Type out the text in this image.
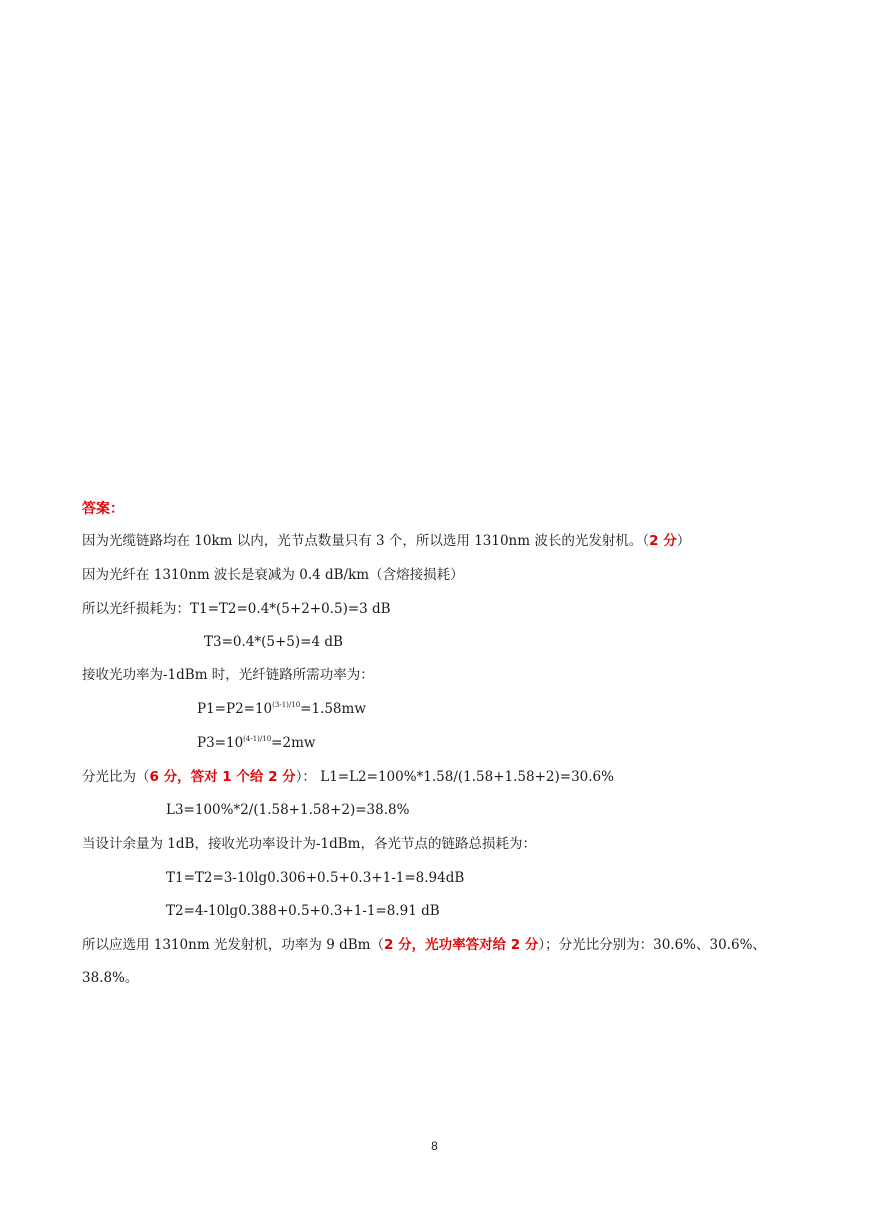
答案：
因为光缆链路均在 10km 以内，光节点数量只有 3 个，所以选用 1310nm 波长的光发射机。（2 分）
因为光纤在 1310nm 波长是衰减为 0.4 dB/km（含熔接损耗）
所以光纤损耗为：T1=T2=0.4*(5+2+0.5)=3 dB
T3=0.4*(5+5)=4 dB
接收光功率为-1dBm 时，光纤链路所需功率为：
$P1=P2=10^{(3-1)/10}=1.58mw$
$P3=10^{(4-1)/10}=2mw$
分光比为（6 分，答对 1 个给 2 分）： L1=L2=100%*1.58/(1.58+1.58+2)=30.6%
L3=100%*2/(1.58+1.58+2)=38.8%
当设计余量为 1dB，接收光功率设计为-1dBm，各光节点的链路总损耗为：
T1=T2=3-10lg0.306+0.5+0.3+1-1=8.94dB
T2=4-10lg0.388+0.5+0.3+1-1=8.91 dB
所以应选用 1310nm 光发射机，功率为 9 dBm（2 分，光功率答对给 2 分）；分光比分别为：30.6%、30.6%、
38.8%。
8
